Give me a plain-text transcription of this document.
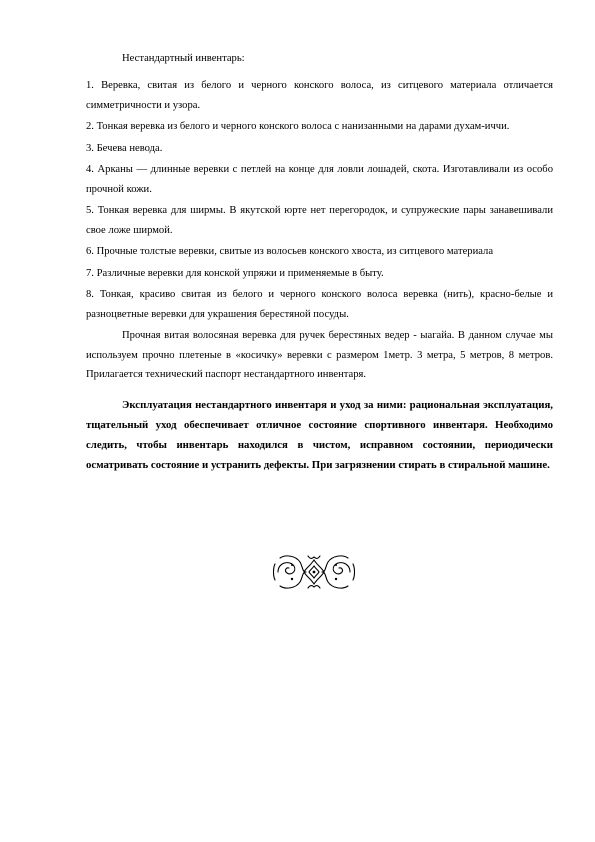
Нестандартный инвентарь:

1. Веревка, свитая из белого и черного конского волоса, из ситцевого материала отличается симметричности и узора.

2. Тонкая веревка из белого и черного конского волоса с нанизанными на дарами духам-иччи.

3. Бечева невода.

4. Арканы — длинные веревки с петлей на конце для ловли лошадей, скота. Изготавливали из особо прочной кожи.

5. Тонкая веревка для ширмы. В якутской юрте нет перегородок, и супружеские пары занавешивали свое ложе ширмой.

6. Прочные толстые веревки, свитые из волосьев конского хвоста, из ситцевого материала

7. Различные веревки для конской упряжи и применяемые в быту.

8. Тонкая, красиво свитая из белого и черного конского волоса веревка (нить), красно-белые и разноцветные веревки для украшения берестяной посуды.

Прочная витая волосяная веревка для ручек берестяных ведер - ыагайа. В данном случае мы используем прочно плетеные в «косичку» веревки с размером 1метр. 3 метра, 5 метров, 8 метров. Прилагается технический паспорт нестандартного инвентаря.

Эксплуатация нестандартного инвентаря и уход за ними: рациональная эксплуатация, тщательный уход обеспечивает отличное состояние спортивного инвентаря. Необходимо следить, чтобы инвентарь находился в чистом, исправном состоянии, периодически осматривать состояние и устранить дефекты. При загрязнении стирать в стиральной машине.
